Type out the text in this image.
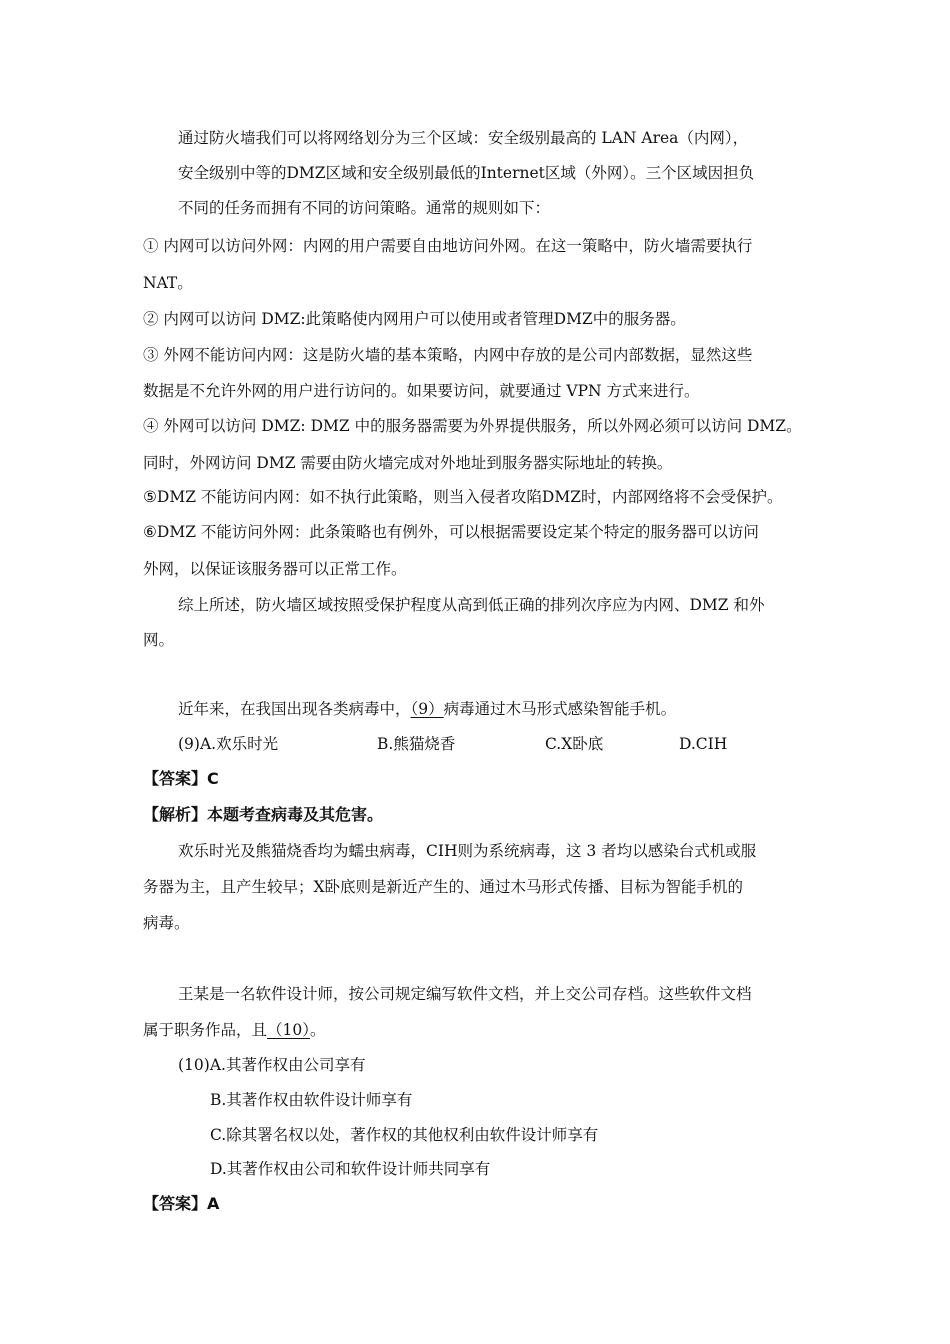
通过防火墙我们可以将网络划分为三个区域：安全级别最高的 LAN Area（内网），
安全级别中等的DMZ区域和安全级别最低的Internet区域（外网）。三个区域因担负
不同的任务而拥有不同的访问策略。通常的规则如下：
① 内网可以访问外网：内网的用户需要自由地访问外网。在这一策略中，防火墙需要执行
NAT。
② 内网可以访问 DMZ:此策略使内网用户可以使用或者管理DMZ中的服务器。
③ 外网不能访问内网：这是防火墙的基本策略，内网中存放的是公司内部数据，显然这些
数据是不允许外网的用户进行访问的。如果要访问，就要通过 VPN 方式来进行。
④ 外网可以访问 DMZ: DMZ 中的服务器需要为外界提供服务，所以外网必须可以访问 DMZ。
同时，外网访问 DMZ 需要由防火墙完成对外地址到服务器实际地址的转换。
⑤DMZ 不能访问内网：如不执行此策略，则当入侵者攻陷DMZ时，内部网络将不会受保护。
⑥DMZ 不能访问外网：此条策略也有例外，可以根据需要设定某个特定的服务器可以访问
外网，以保证该服务器可以正常工作。
综上所述，防火墙区域按照受保护程度从高到低正确的排列次序应为内网、DMZ 和外
网。
近年来，在我国出现各类病毒中，（9）病毒通过木马形式感染智能手机。
(9)A.欢乐时光	B.熊猫烧香	C.X卧底	D.CIH
【答案】C
【解析】本题考查病毒及其危害。
欢乐时光及熊猫烧香均为蠕虫病毒，CIH则为系统病毒，这 3 者均以感染台式机或服
务器为主，且产生较早；X卧底则是新近产生的、通过木马形式传播、目标为智能手机的
病毒。
王某是一名软件设计师，按公司规定编写软件文档，并上交公司存档。这些软件文档
属于职务作品，且（10）。
(10)A.其著作权由公司享有
B.其著作权由软件设计师享有
C.除其署名权以处，著作权的其他权利由软件设计师享有
D.其著作权由公司和软件设计师共同享有
【答案】A
